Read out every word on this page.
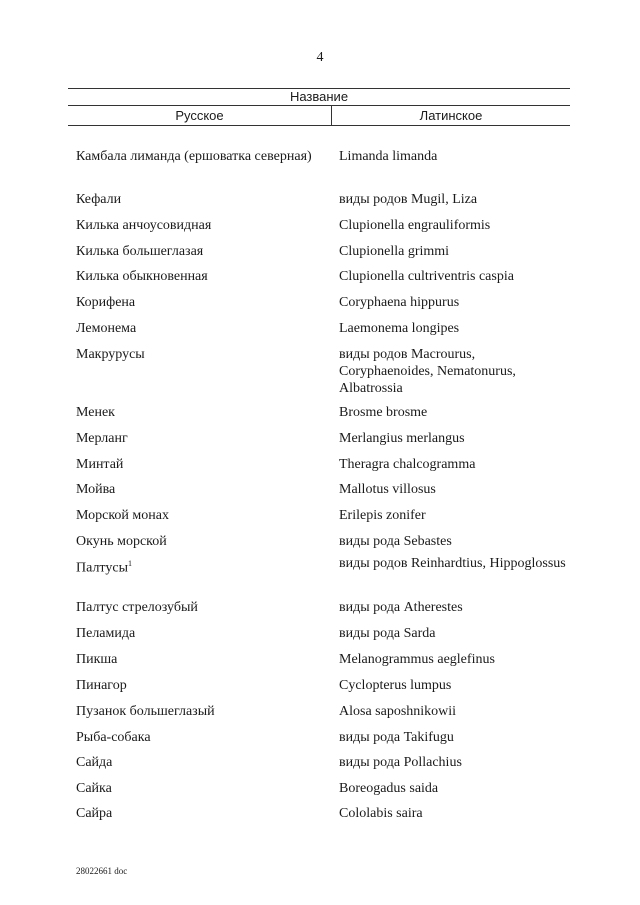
4
Название
Русское	Латинское
Камбала лиманда (ершоватка северная)	Limanda limanda
Кефали	виды родов Mugil, Liza
Килька анчоусовидная	Clupionella engrauliformis
Килька большеглазая	Clupionella grimmi
Килька обыкновенная	Clupionella cultriventris caspia
Корифена	Coryphaena hippurus
Лемонема	Laemonema longipes
Макрурусы	виды родов Macrourus, Coryphaenoides, Nematonurus, Albatrossia
Менек	Brosme brosme
Мерланг	Merlangius merlangus
Минтай	Theragra chalcogramma
Мойва	Mallotus villosus
Морской монах	Erilepis zonifer
Окунь морской	виды рода Sebastes
Палтусы$^1$	виды родов Reinhardtius, Hippoglossus
Палтус стрелозубый	виды рода Atherestes
Пеламида	виды рода Sarda
Пикша	Melanogrammus aeglefinus
Пинагор	Cyclopterus lumpus
Пузанок большеглазый	Alosa saposhnikowii
Рыба-собака	виды рода Takifugu
Сайда	виды рода Pollachius
Сайка	Boreogadus saida
Сайра	Cololabis saira
28022661 doc
